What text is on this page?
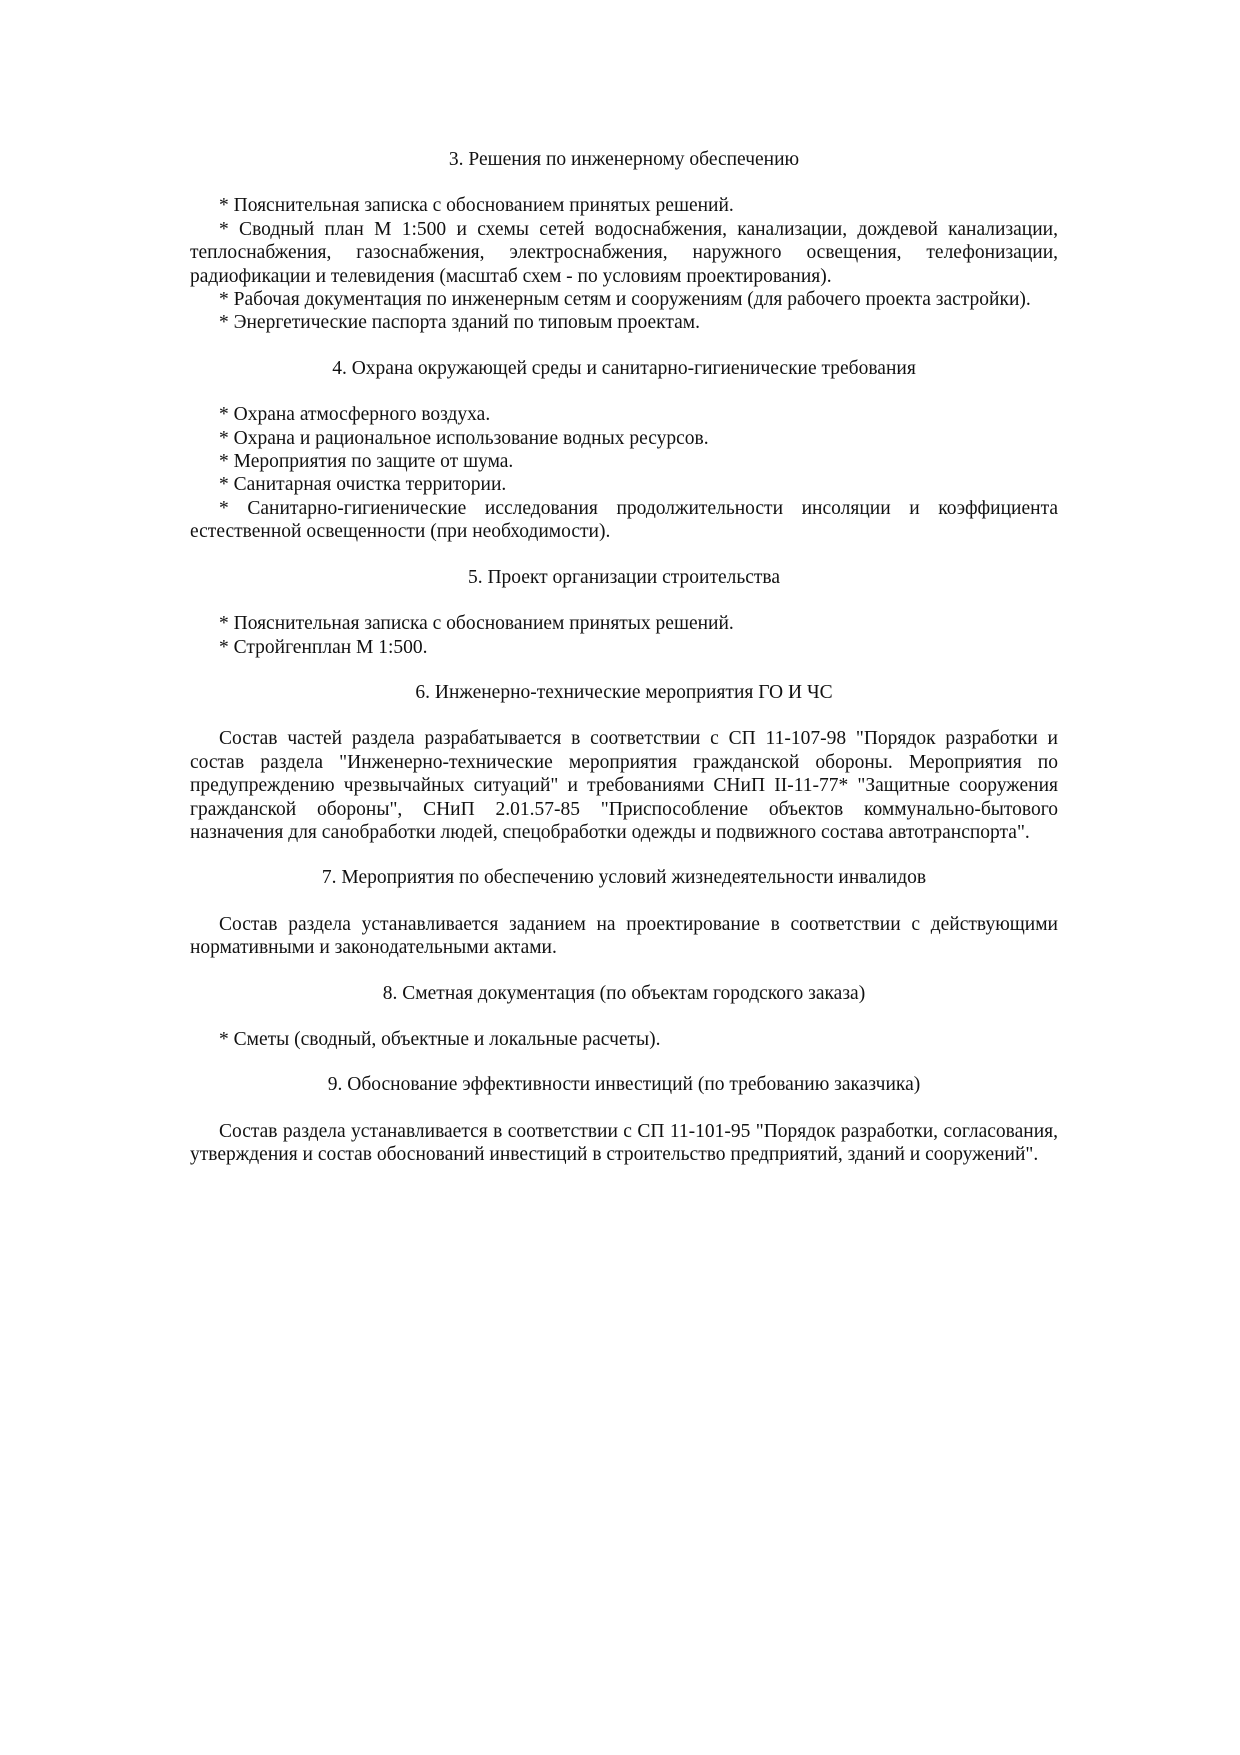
3. Решения по инженерному обеспечению

* Пояснительная записка с обоснованием принятых решений.

* Сводный план М 1:500 и схемы сетей водоснабжения, канализации, дождевой канализации, теплоснабжения, газоснабжения, электроснабжения, наружного освещения, телефонизации, радиофикации и телевидения (масштаб схем - по условиям проектирования).

* Рабочая документация по инженерным сетям и сооружениям (для рабочего проекта застройки).

* Энергетические паспорта зданий по типовым проектам.

4. Охрана окружающей среды и санитарно-гигиенические требования

* Охрана атмосферного воздуха.

* Охрана и рациональное использование водных ресурсов.

* Мероприятия по защите от шума.

* Санитарная очистка территории.

* Санитарно-гигиенические исследования продолжительности инсоляции и коэффициента естественной освещенности (при необходимости).

5. Проект организации строительства

* Пояснительная записка с обоснованием принятых решений.

* Стройгенплан М 1:500.

6. Инженерно-технические мероприятия ГО И ЧС

Состав частей раздела разрабатывается в соответствии с СП 11-107-98 "Порядок разработки и состав раздела "Инженерно-технические мероприятия гражданской обороны. Мероприятия по предупреждению чрезвычайных ситуаций" и требованиями СНиП II-11-77* "Защитные сооружения гражданской обороны", СНиП 2.01.57-85 "Приспособление объектов коммунально-бытового назначения для санобработки людей, спецобработки одежды и подвижного состава автотранспорта".

7. Мероприятия по обеспечению условий жизнедеятельности инвалидов

Состав раздела устанавливается заданием на проектирование в соответствии с действующими нормативными и законодательными актами.

8. Сметная документация (по объектам городского заказа)

* Сметы (сводный, объектные и локальные расчеты).

9. Обоснование эффективности инвестиций (по требованию заказчика)

Состав раздела устанавливается в соответствии с СП 11-101-95 "Порядок разработки, согласования, утверждения и состав обоснований инвестиций в строительство предприятий, зданий и сооружений".
